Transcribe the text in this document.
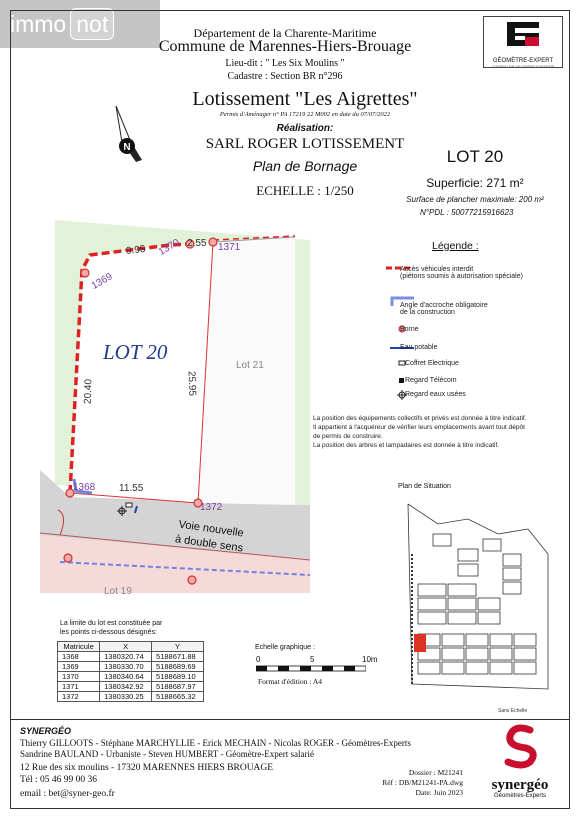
immo not	Département de la Charente-Maritime
Commune de Marennes-Hiers-Brouage
Lieu-dit : " Les Six Moulins "
Cadastre : Section BR n°296
Lotissement "Les Aigrettes"
Permis d'Aménager n° PA 17219 22 M002 en date du 07/07/2022
Réalisation:
SARL ROGER LOTISSEMENT
Plan de Bornage
ECHELLE : 1/250
GÉOMÈTRE-EXPERT
CONSEILLER VALORISER GARANTIR
N	LOT 20
Superficie: 271 m²
Surface de plancher maximale: 200 m²
N°PDL : 50077215916623
Légende :
Accès véhicules interdit
(piétons soumis à autorisation spéciale)
Angle d'accroche obligatoire
de la construction
Borne
Eau potable
Coffret Electrique
Regard Télécom
Regard eaux usées
La position des équipements collectifs et privés est donnée à titre indicatif.
Il appartient à l'acquéreur de vérifier leurs emplacements avant tout dépôt
de permis de construire.
La position des arbres et lampadaires est donnée à titre indicatif.
LOT 20
Lot 21
Lot 19
Voie nouvelle
à double sens
9.95
2.55
20.40	25.95
11.55
1369
1370	1371
1368
1372
Plan de Situation
Sans Echelle
La limite du lot est constituée par
les points ci-dessous désignés:
Matricule	X	Y
1368	1380320.74	5188671.88
1369	1380330.70	5188689.69
1370	1380340.64	5188689.10
1371	1380342.92	5188687.97
1372	1380330.25	5188665.32
Echelle graphique :
0	5	10m
Format d'édition : A4
SYNERGÉO
Thierry GILLOOTS - Stéphane MARCHYLLIE - Erick MECHAIN - Nicolas ROGER - Géomètres-Experts
Sandrine BAULAND - Urbaniste - Steven HUMBERT - Géomètre-Expert salarié
12 Rue des six moulins - 17320 MARENNES HIERS BROUAGE
Tél : 05 46 99 00 36
email : bet@syner-geo.fr
Dossier : M21241
Réf : DB/M21241-PA.dwg
Date: Juin 2023	synergéo
Géomètres-Experts
